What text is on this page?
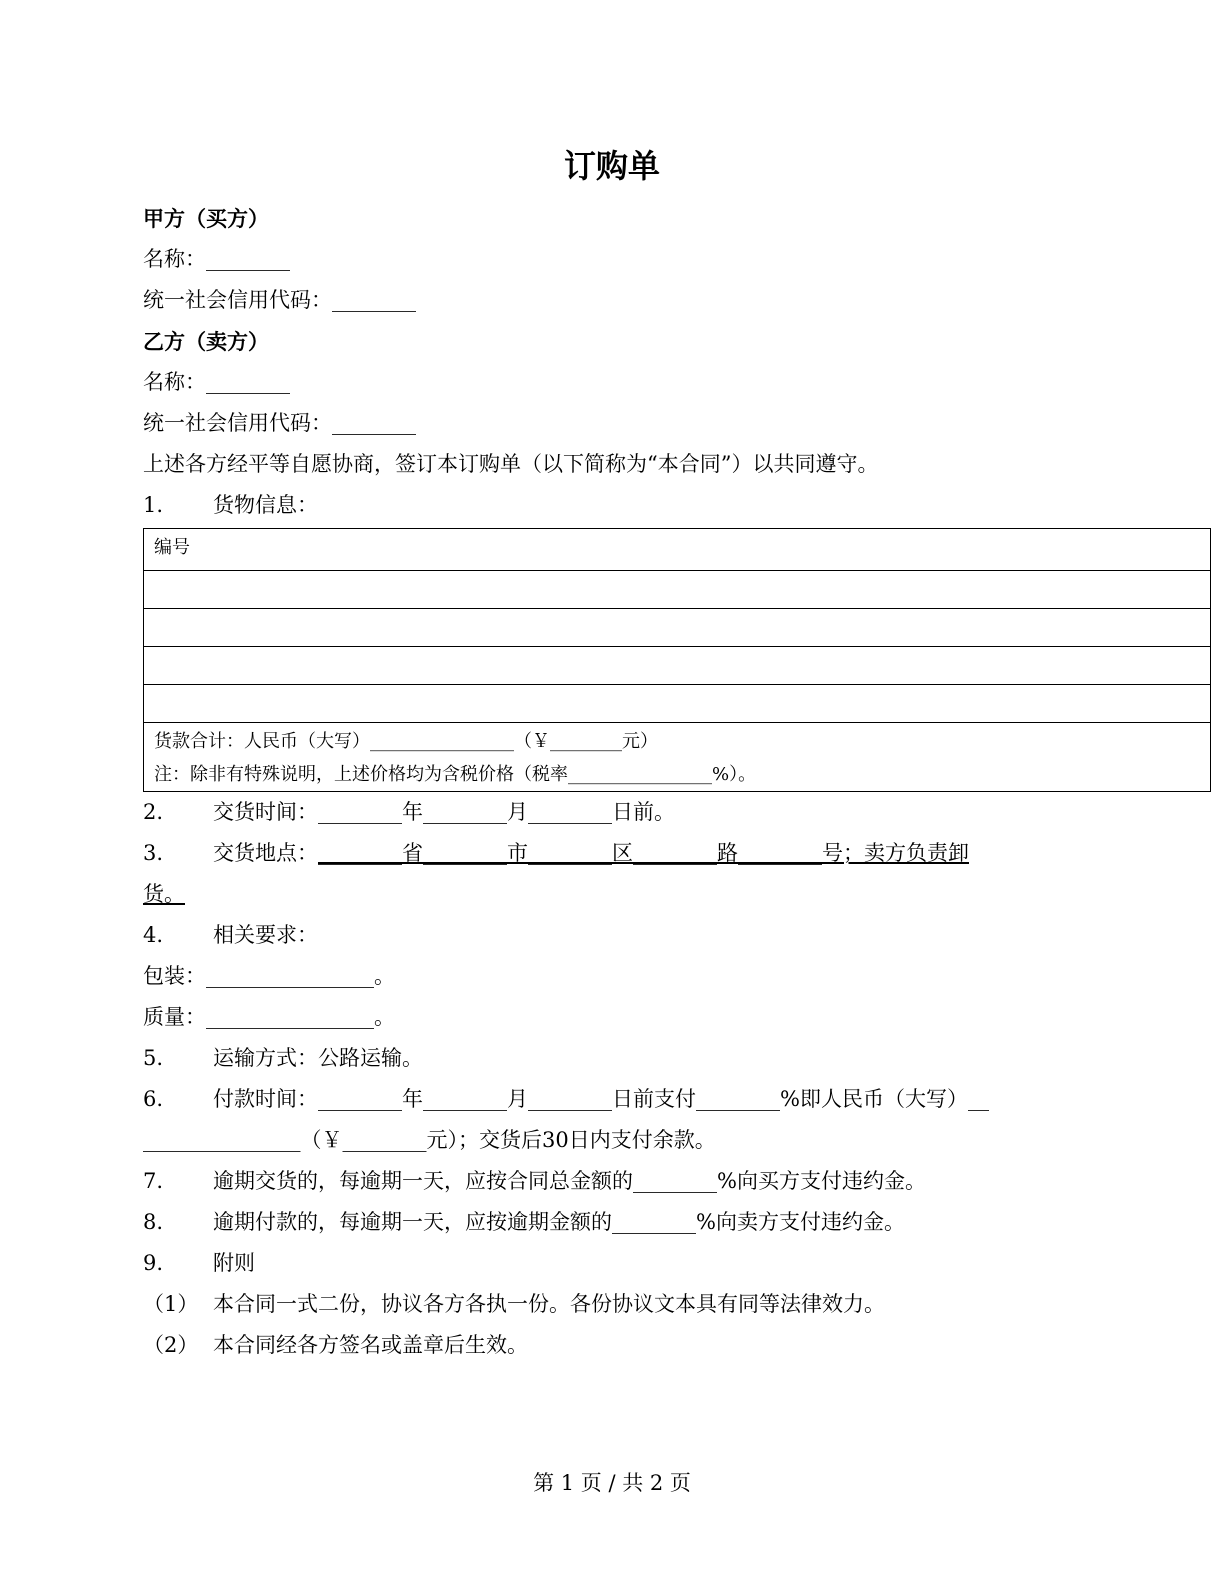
订购单
甲方（买方）
名称：________
统一社会信用代码：________
乙方（卖方）
名称：________
统一社会信用代码：________
上述各方经平等自愿协商，签订本订购单（以下简称为“本合同”）以共同遵守。
1. 货物信息：
编号

货款合计：人民币（大写）________________（￥________元）
注：除非有特殊说明，上述价格均为含税价格（税率________________%）。
2. 交货时间：________年________月________日前。
3. 交货地点：________省________市________区________路________号；卖方负责卸
货。
4. 相关要求：
包装：________________。
质量：________________。
5. 运输方式：公路运输。
6. 付款时间：________年________月________日前支付________%即人民币（大写）__
_______________（￥________元）；交货后30日内支付余款。
7. 逾期交货的，每逾期一天，应按合同总金额的________%向买方支付违约金。
8. 逾期付款的，每逾期一天，应按逾期金额的________%向卖方支付违约金。
9. 附则
（1） 本合同一式二份，协议各方各执一份。各份协议文本具有同等法律效力。
（2） 本合同经各方签名或盖章后生效。
第 1 页 / 共 2 页
